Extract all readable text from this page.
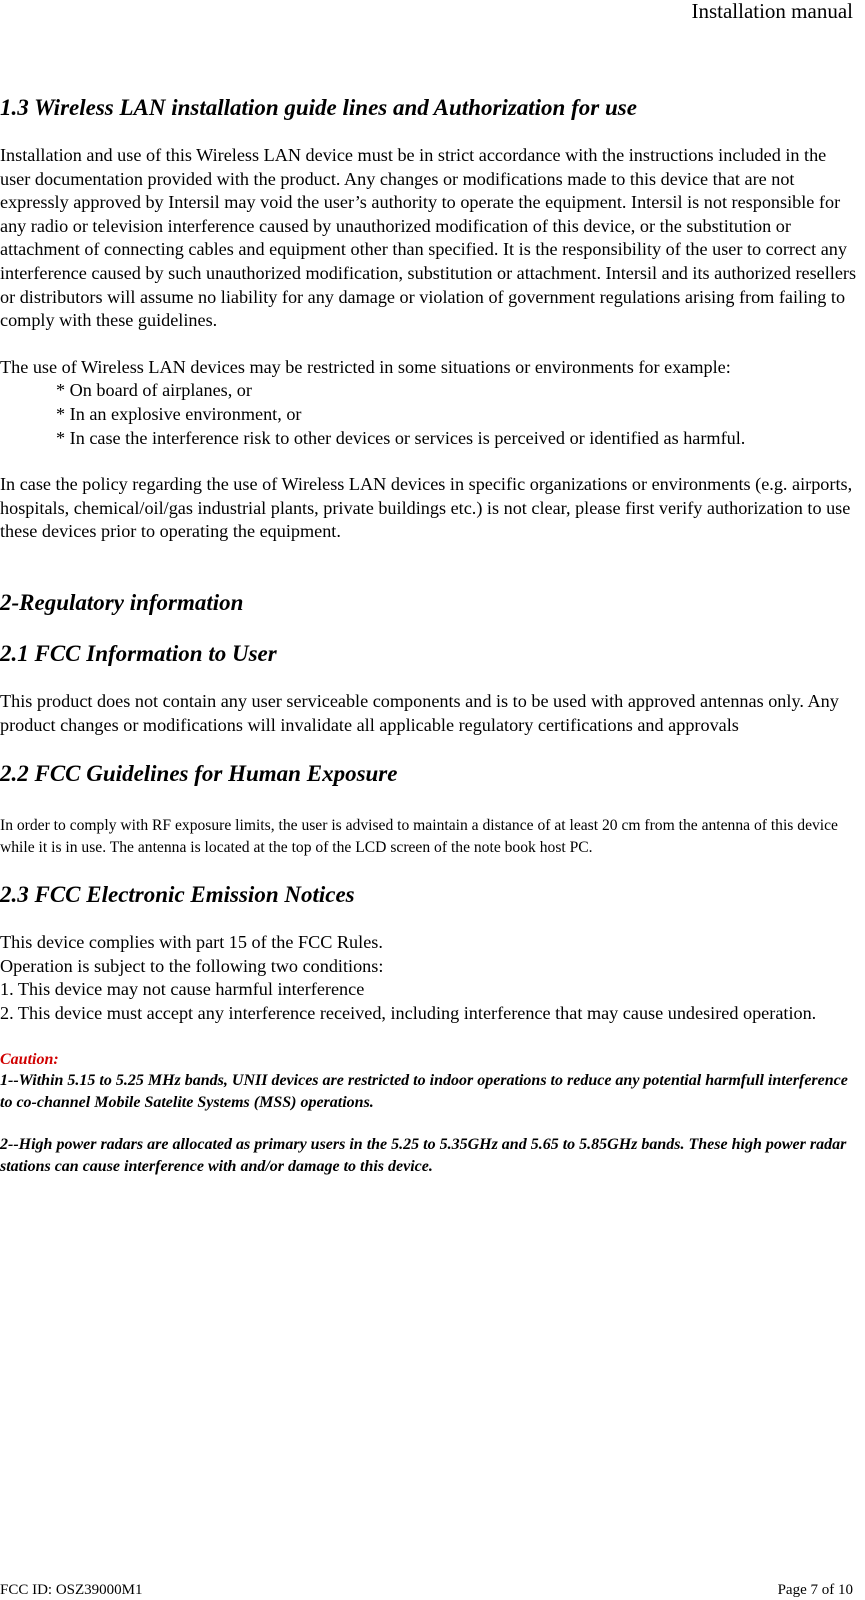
Installation manual
1.3 Wireless LAN installation guide lines and Authorization for use

Installation and use of this Wireless LAN device must be in strict accordance with the instructions included in the user documentation provided with the product. Any changes or modifications made to this device that are not expressly approved by Intersil may void the user’s authority to operate the equipment. Intersil is not responsible for any radio or television interference caused by unauthorized modification of this device, or the substitution or attachment of connecting cables and equipment other than specified. It is the responsibility of the user to correct any interference caused by such unauthorized modification, substitution or attachment. Intersil and its authorized resellers or distributors will assume no liability for any damage or violation of government regulations arising from failing to comply with these guidelines.

The use of Wireless LAN devices may be restricted in some situations or environments for example:

* On board of airplanes, or

* In an explosive environment, or

* In case the interference risk to other devices or services is perceived or identified as harmful.

In case the policy regarding the use of Wireless LAN devices in specific organizations or environments (e.g. airports, hospitals, chemical/oil/gas industrial plants, private buildings etc.) is not clear, please first verify authorization to use these devices prior to operating the equipment.

2-Regulatory information
2.1 FCC Information to User

This product does not contain any user serviceable components and is to be used with approved antennas only. Any product changes or modifications will invalidate all applicable regulatory certifications and approvals

2.2 FCC Guidelines for Human Exposure

In order to comply with RF exposure limits, the user is advised to maintain a distance of at least 20 cm from the antenna of this device while it is in use. The antenna is located at the top of the LCD screen of the note book host PC.

2.3 FCC Electronic Emission Notices

This device complies with part 15 of the FCC Rules.

Operation is subject to the following two conditions:

1. This device may not cause harmful interference

2. This device must accept any interference received, including interference that may cause undesired operation.

Caution:

1--Within 5.15 to 5.25 MHz bands, UNII devices are restricted to indoor operations to reduce any potential harmfull interference to co-channel Mobile Satelite Systems (MSS) operations.

2--High power radars are allocated as primary users in the 5.25 to 5.35GHz and 5.65 to 5.85GHz bands. These high power radar stations can cause interference with and/or damage to this device.

FCC ID: OSZ39000M1	Page 7 of 10
